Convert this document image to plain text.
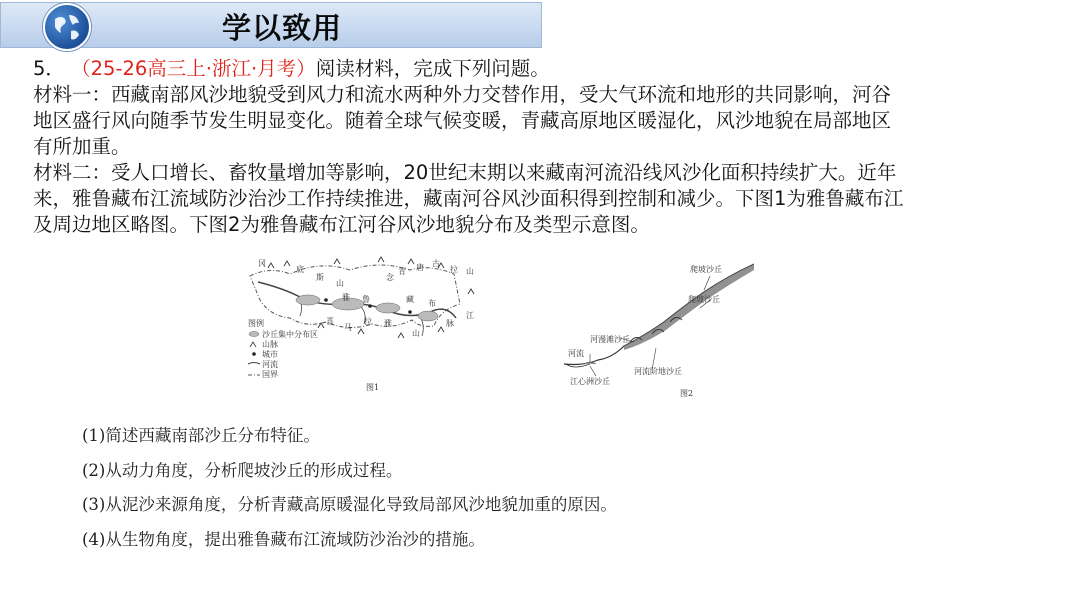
学以致用
5． （25-26高三上·浙江·月考）阅读材料，完成下列问题。
材料一：西藏南部风沙地貌受到风力和流水两种外力交替作用，受大气环流和地形的共同影响，河谷
地区盛行风向随季节发生明显变化。随着全球气候变暖，青藏高原地区暖湿化，风沙地貌在局部地区
有所加重。
材料二：受人口增长、畜牧量增加等影响，20世纪末期以来藏南河流沿线风沙化面积持续扩大。近年
来，雅鲁藏布江流域防沙治沙工作持续推进，藏南河谷风沙面积得到控制和减少。下图1为雅鲁藏布江
及周边地区略图。下图2为雅鲁藏布江河谷风沙地貌分布及类型示意图。
冈
底
斯
山
念
青 唐 古
拉 山
雅 鲁	藏 布
喜
马
拉 雅
山
脉
江
图例
沙丘集中分布区
山脉
城市
河流
国界
图1
爬坡沙丘
爬坡沙丘
河漫滩沙丘
河流
江心洲沙丘
河流阶地沙丘
图2
(1)简述西藏南部沙丘分布特征。
(2)从动力角度，分析爬坡沙丘的形成过程。
(3)从泥沙来源角度，分析青藏高原暖湿化导致局部风沙地貌加重的原因。
(4)从生物角度，提出雅鲁藏布江流域防沙治沙的措施。
